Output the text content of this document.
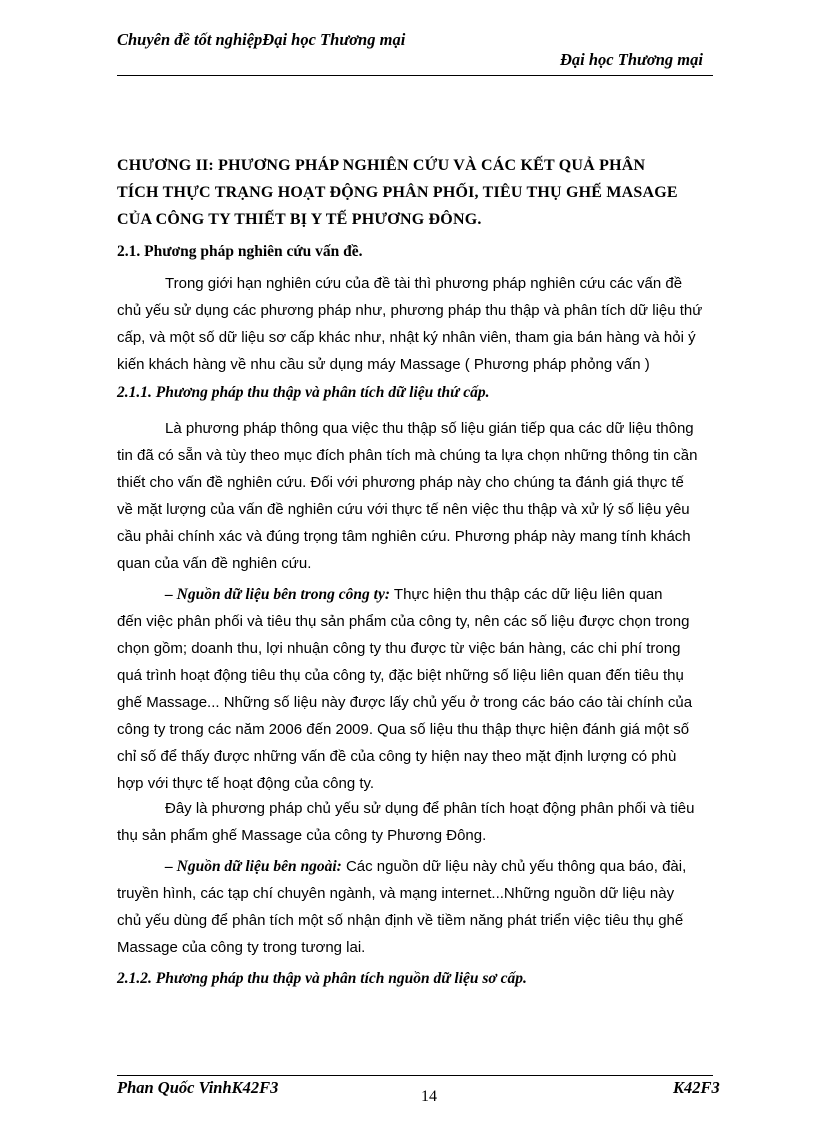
Chuyên đề tốt nghiệpĐại học Thương mại
Đại học Thương mại
CHƯƠNG II: PHƯƠNG PHÁP NGHIÊN CỨU VÀ CÁC KẾT QUẢ PHÂN
TÍCH THỰC TRẠNG HOẠT ĐỘNG PHÂN PHỐI, TIÊU THỤ GHẾ MASAGE
CỦA CÔNG TY THIẾT BỊ Y TẾ PHƯƠNG ĐÔNG.
2.1. Phương pháp nghiên cứu vấn đề.
Trong giới hạn nghiên cứu của đề tài thì phương pháp nghiên cứu các vấn đề
chủ yếu sử dụng các phương pháp như, phương pháp thu thập và phân tích dữ liệu thứ
cấp, và một số dữ liệu sơ cấp khác như, nhật ký nhân viên, tham gia bán hàng và hỏi ý
kiến khách hàng về nhu cầu sử dụng máy Massage ( Phương pháp phỏng vấn )
2.1.1. Phương pháp thu thập và phân tích dữ liệu thứ cấp.
Là phương pháp thông qua việc thu thập số liệu gián tiếp qua các dữ liệu thông
tin đã có sẵn và tùy theo mục đích phân tích mà chúng ta lựa chọn những thông tin cần
thiết cho vấn đề nghiên cứu. Đối với phương pháp này cho chúng ta đánh giá thực tế
về mặt lượng của vấn đề nghiên cứu với thực tế nên việc thu thập và xử lý số liệu yêu
cầu phải chính xác và đúng trọng tâm nghiên cứu. Phương pháp này mang tính khách
quan của vấn đề nghiên cứu.
– Nguồn dữ liệu bên trong công ty: Thực hiện thu thập các dữ liệu liên quan
đến việc phân phối và tiêu thụ sản phẩm của công ty, nên các số liệu được chọn trong
chọn gồm; doanh thu, lợi nhuận công ty thu được từ việc bán hàng, các chi phí trong
quá trình hoạt động tiêu thụ của công ty, đặc biệt những số liệu liên quan đến tiêu thụ
ghế Massage... Những số liệu này được lấy chủ yếu ở trong các báo cáo tài chính của
công ty trong các năm 2006 đến 2009. Qua số liệu thu thập thực hiện đánh giá một số
chỉ số để thấy được những vấn đề của công ty hiện nay theo mặt định lượng có phù
hợp với thực tế hoạt động của công ty.
Đây là phương pháp chủ yếu sử dụng để phân tích hoạt động phân phối và tiêu
thụ sản phẩm ghế Massage của công ty Phương Đông.
– Nguồn dữ liệu bên ngoài: Các nguồn dữ liệu này chủ yếu thông qua báo, đài,
truyền hình, các tạp chí chuyên ngành, và mạng internet...Những nguồn dữ liệu này
chủ yếu dùng để phân tích một số nhận định về tiềm năng phát triển việc tiêu thụ ghế
Massage của công ty trong tương lai.
2.1.2. Phương pháp thu thập và phân tích nguồn dữ liệu sơ cấp.
Phan Quốc VinhK42F3	14	K42F3
